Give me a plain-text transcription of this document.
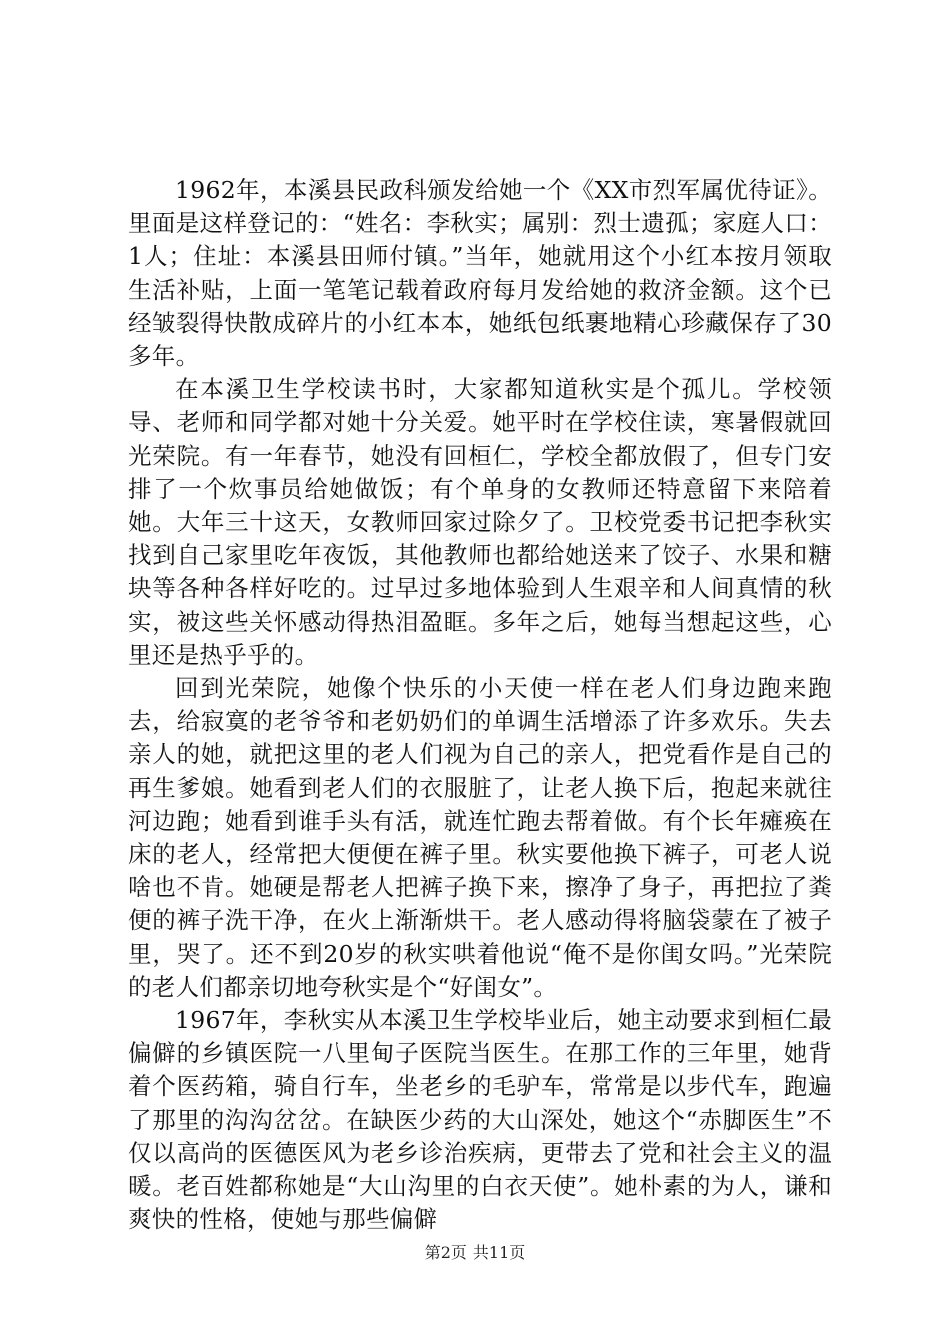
1962年，本溪县民政科颁发给她一个《XX市烈军属优待证》。里面是这样登记的：“姓名：李秋实；属别：烈士遗孤；家庭人口：1人；住址：本溪县田师付镇。”当年，她就用这个小红本按月领取生活补贴，上面一笔笔记载着政府每月发给她的救济金额。这个已经皱裂得快散成碎片的小红本本，她纸包纸裹地精心珍藏保存了30多年。

在本溪卫生学校读书时，大家都知道秋实是个孤儿。学校领导、老师和同学都对她十分关爱。她平时在学校住读，寒暑假就回光荣院。有一年春节，她没有回桓仁，学校全都放假了，但专门安排了一个炊事员给她做饭；有个单身的女教师还特意留下来陪着她。大年三十这天，女教师回家过除夕了。卫校党委书记把李秋实找到自己家里吃年夜饭，其他教师也都给她送来了饺子、水果和糖块等各种各样好吃的。过早过多地体验到人生艰辛和人间真情的秋实，被这些关怀感动得热泪盈眶。多年之后，她每当想起这些，心里还是热乎乎的。

回到光荣院，她像个快乐的小天使一样在老人们身边跑来跑去，给寂寞的老爷爷和老奶奶们的单调生活增添了许多欢乐。失去亲人的她，就把这里的老人们视为自己的亲人，把党看作是自己的再生爹娘。她看到老人们的衣服脏了，让老人换下后，抱起来就往河边跑；她看到谁手头有活，就连忙跑去帮着做。有个长年瘫痪在床的老人，经常把大便便在裤子里。秋实要他换下裤子，可老人说啥也不肯。她硬是帮老人把裤子换下来，擦净了身子，再把拉了粪便的裤子洗干净，在火上渐渐烘干。老人感动得将脑袋蒙在了被子里，哭了。还不到20岁的秋实哄着他说“俺不是你闺女吗。”光荣院的老人们都亲切地夸秋实是个“好闺女”。

1967年，李秋实从本溪卫生学校毕业后，她主动要求到桓仁最偏僻的乡镇医院一八里甸子医院当医生。在那工作的三年里，她背着个医药箱，骑自行车，坐老乡的毛驴车，常常是以步代车，跑遍了那里的沟沟岔岔。在缺医少药的大山深处，她这个“赤脚医生”不仅以高尚的医德医风为老乡诊治疾病，更带去了党和社会主义的温暖。老百姓都称她是“大山沟里的白衣天使”。她朴素的为人，谦和爽快的性格，使她与那些偏僻

第2页 共11页
